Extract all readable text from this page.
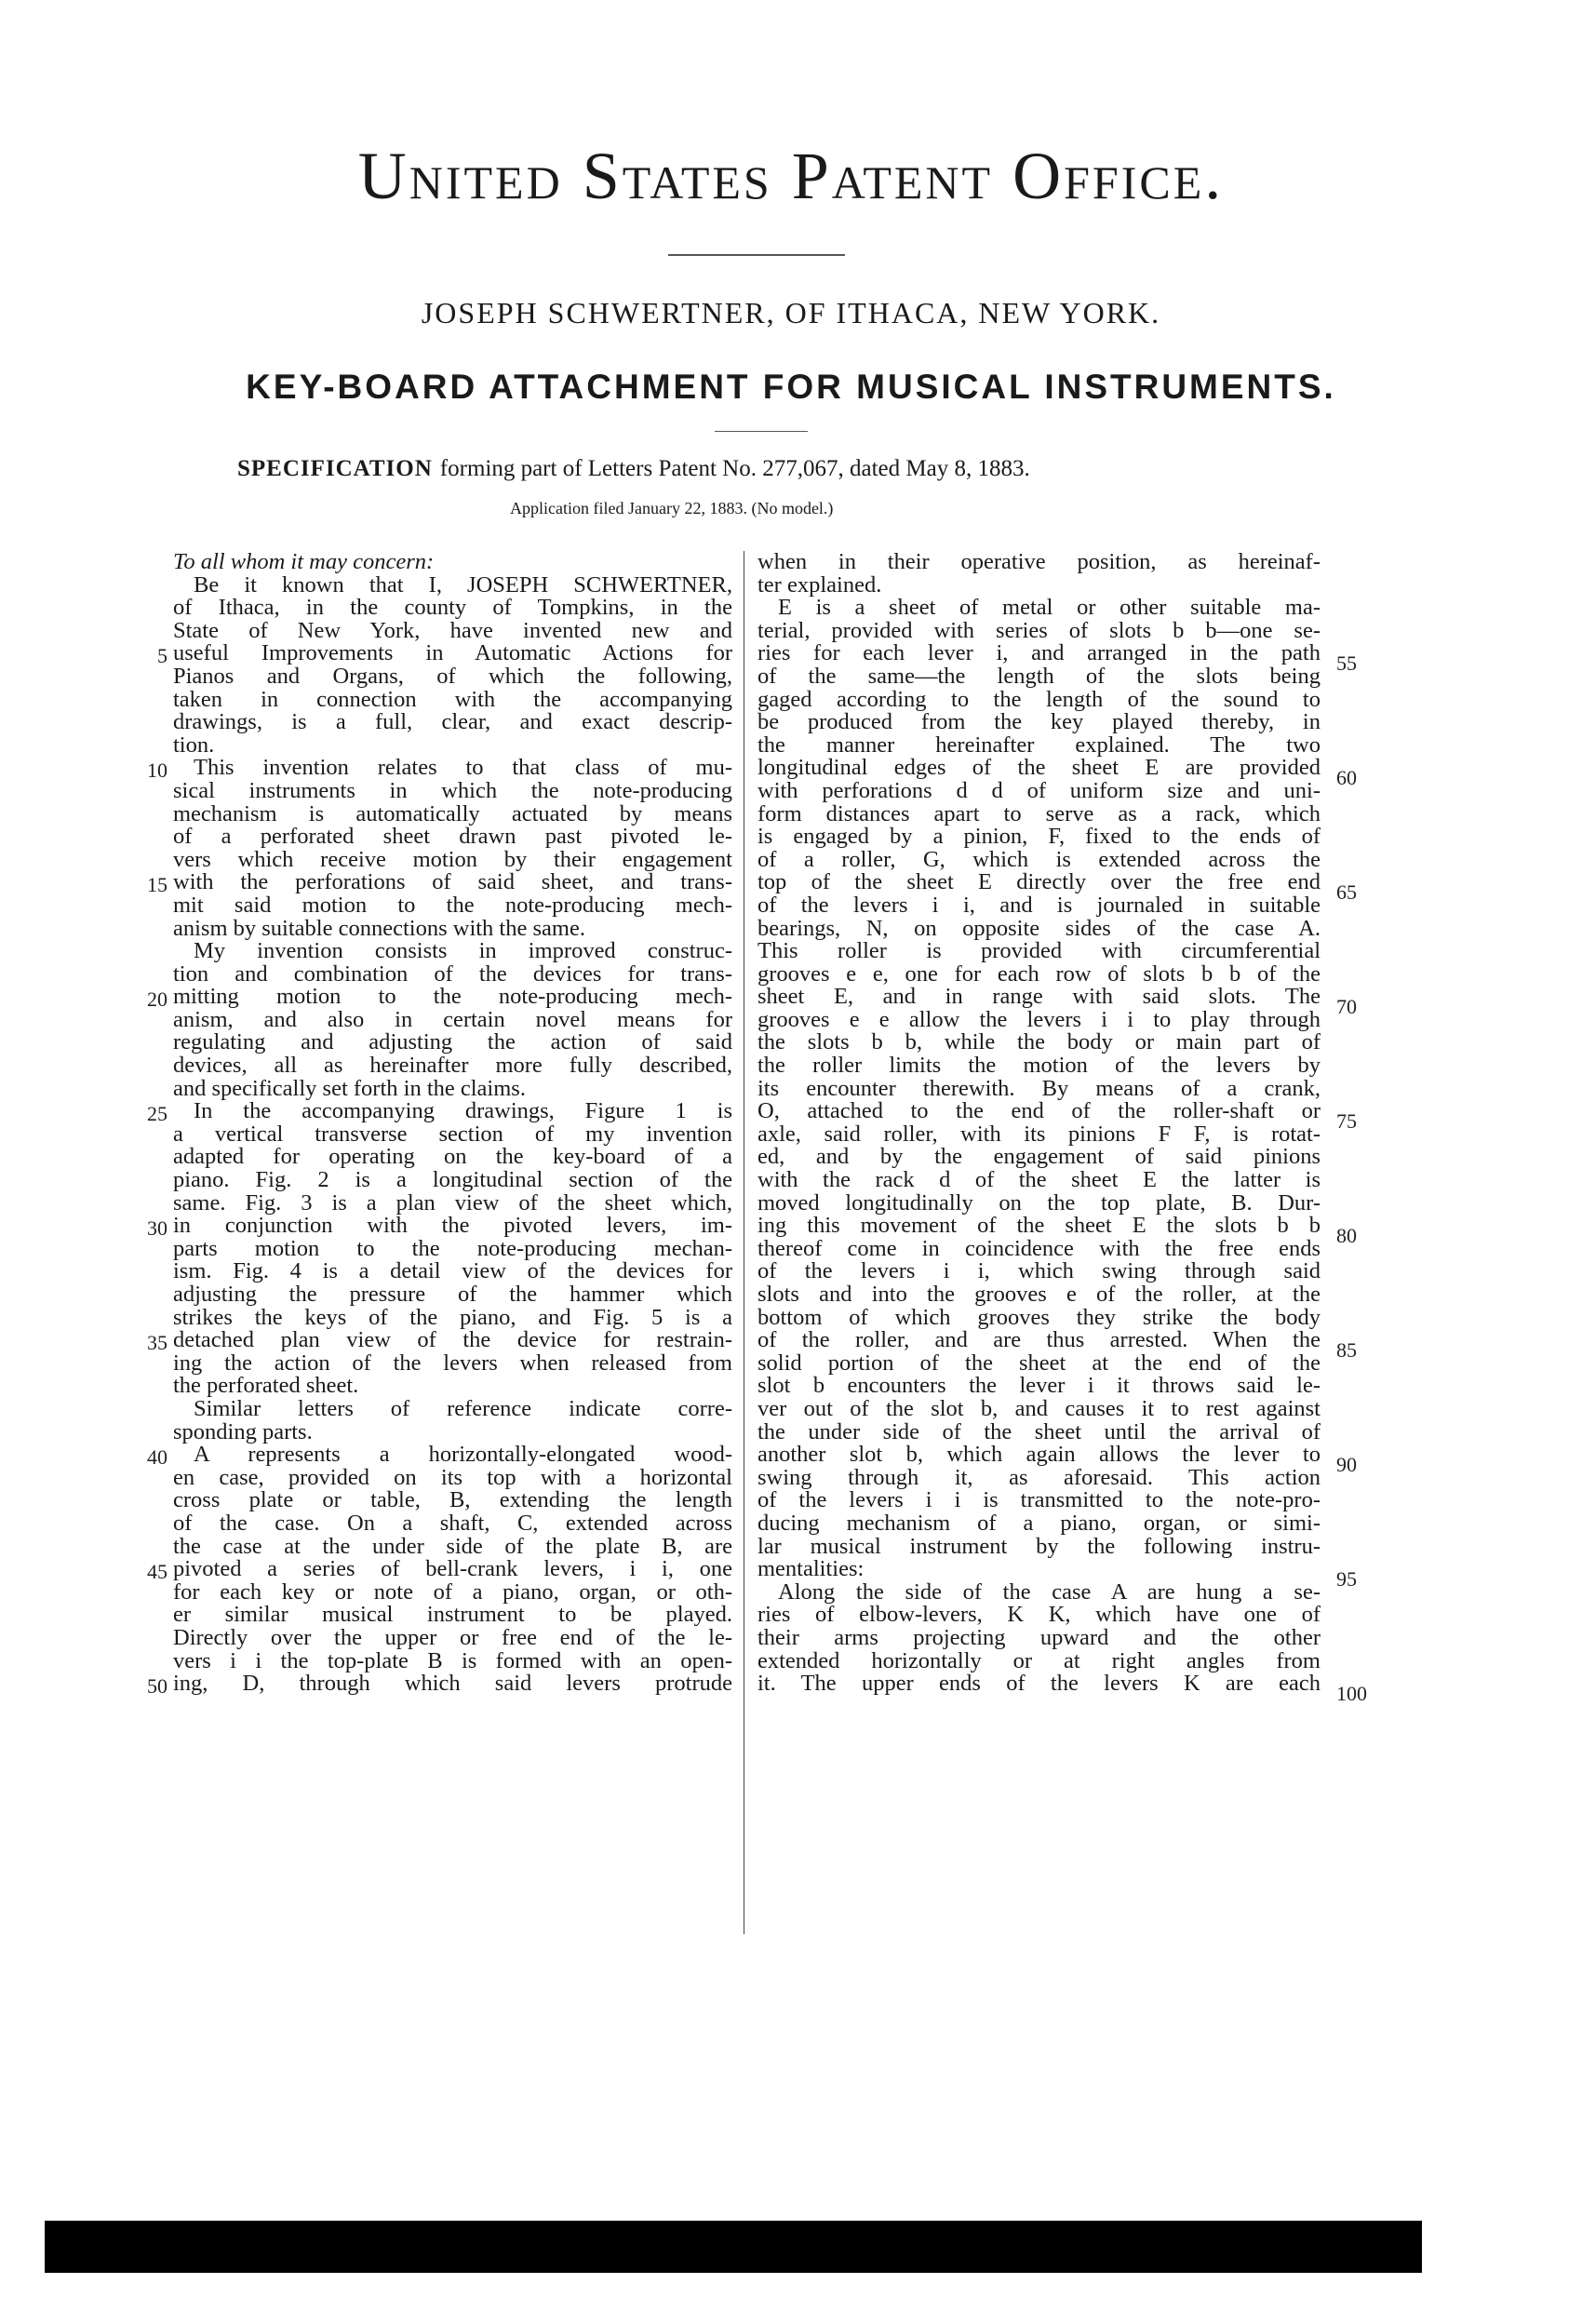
United States Patent Office.
JOSEPH SCHWERTNER, OF ITHACA, NEW YORK.
KEY-BOARD ATTACHMENT FOR MUSICAL INSTRUMENTS.
SPECIFICATION forming part of Letters Patent No. 277,067, dated May 8, 1883.
Application filed January 22, 1883. (No model.)

To all whom it may concern:

Be it known that I, JOSEPH SCHWERTNER,

of Ithaca, in the county of Tompkins, in the

State of New York, have invented new and

useful Improvements in Automatic Actions for

Pianos and Organs, of which the following,

taken in connection with the accompanying

drawings, is a full, clear, and exact descrip-

tion.

This invention relates to that class of mu-

sical instruments in which the note-producing

mechanism is automatically actuated by means

of a perforated sheet drawn past pivoted le-

vers which receive motion by their engagement

with the perforations of said sheet, and trans-

mit said motion to the note-producing mech-

anism by suitable connections with the same.

My invention consists in improved construc-

tion and combination of the devices for trans-

mitting motion to the note-producing mech-

anism, and also in certain novel means for

regulating and adjusting the action of said

devices, all as hereinafter more fully described,

and specifically set forth in the claims.

In the accompanying drawings, Figure 1 is

a vertical transverse section of my invention

adapted for operating on the key-board of a

piano. Fig. 2 is a longitudinal section of the

same. Fig. 3 is a plan view of the sheet which,

in conjunction with the pivoted levers, im-

parts motion to the note-producing mechan-

ism. Fig. 4 is a detail view of the devices for

adjusting the pressure of the hammer which

strikes the keys of the piano, and Fig. 5 is a

detached plan view of the device for restrain-

ing the action of the levers when released from

the perforated sheet.

Similar letters of reference indicate corre-

sponding parts.

A represents a horizontally-elongated wood-

en case, provided on its top with a horizontal

cross plate or table, B, extending the length

of the case. On a shaft, C, extended across

the case at the under side of the plate B, are

pivoted a series of bell-crank levers, i i, one

for each key or note of a piano, organ, or oth-

er similar musical instrument to be played.

Directly over the upper or free end of the le-

vers i i the top-plate B is formed with an open-

ing, D, through which said levers protrude

when in their operative position, as hereinaf-

ter explained.

E is a sheet of metal or other suitable ma-

terial, provided with series of slots b b—one se-

ries for each lever i, and arranged in the path

of the same—the length of the slots being

gaged according to the length of the sound to

be produced from the key played thereby, in

the manner hereinafter explained. The two

longitudinal edges of the sheet E are provided

with perforations d d of uniform size and uni-

form distances apart to serve as a rack, which

is engaged by a pinion, F, fixed to the ends of

of a roller, G, which is extended across the

top of the sheet E directly over the free end

of the levers i i, and is journaled in suitable

bearings, N, on opposite sides of the case A.

This roller is provided with circumferential

grooves e e, one for each row of slots b b of the

sheet E, and in range with said slots. The

grooves e e allow the levers i i to play through

the slots b b, while the body or main part of

the roller limits the motion of the levers by

its encounter therewith. By means of a crank,

O, attached to the end of the roller-shaft or

axle, said roller, with its pinions F F, is rotat-

ed, and by the engagement of said pinions

with the rack d of the sheet E the latter is

moved longitudinally on the top plate, B. Dur-

ing this movement of the sheet E the slots b b

thereof come in coincidence with the free ends

of the levers i i, which swing through said

slots and into the grooves e of the roller, at the

bottom of which grooves they strike the body

of the roller, and are thus arrested. When the

solid portion of the sheet at the end of the

slot b encounters the lever i it throws said le-

ver out of the slot b, and causes it to rest against

the under side of the sheet until the arrival of

another slot b, which again allows the lever to

swing through it, as aforesaid. This action

of the levers i i is transmitted to the note-pro-

ducing mechanism of a piano, organ, or simi-

lar musical instrument by the following instru-

mentalities:

Along the side of the case A are hung a se-

ries of elbow-levers, K K, which have one of

their arms projecting upward and the other

extended horizontally or at right angles from

it. The upper ends of the levers K are each

5
10
15
20
25
30
35
40
45
50
55
60
65
70
75
80
85
90
95
100
